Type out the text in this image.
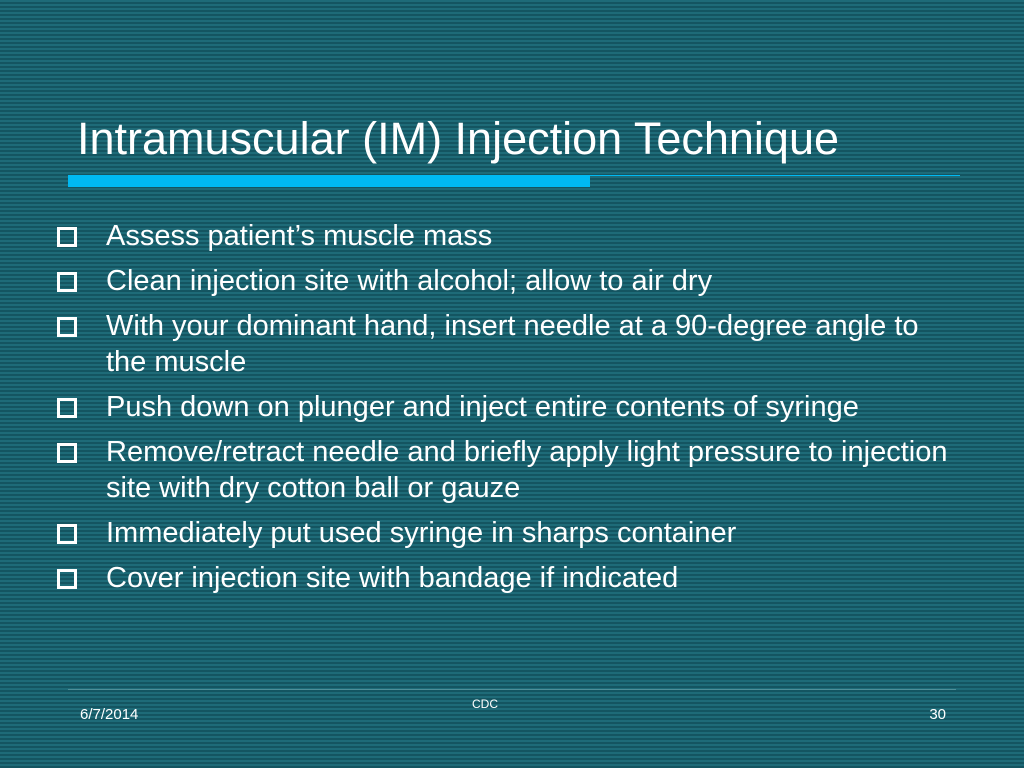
Intramuscular (IM) Injection Technique
Assess patient’s muscle mass
Clean injection site with alcohol; allow to air dry
With your dominant hand, insert needle at a 90-degree angle to the muscle
Push down on plunger and inject entire contents of syringe
Remove/retract needle and briefly apply light pressure to injection site with dry cotton ball or gauze
Immediately put used syringe in sharps container
Cover injection site with bandage if indicated
6/7/2014
CDC
30
